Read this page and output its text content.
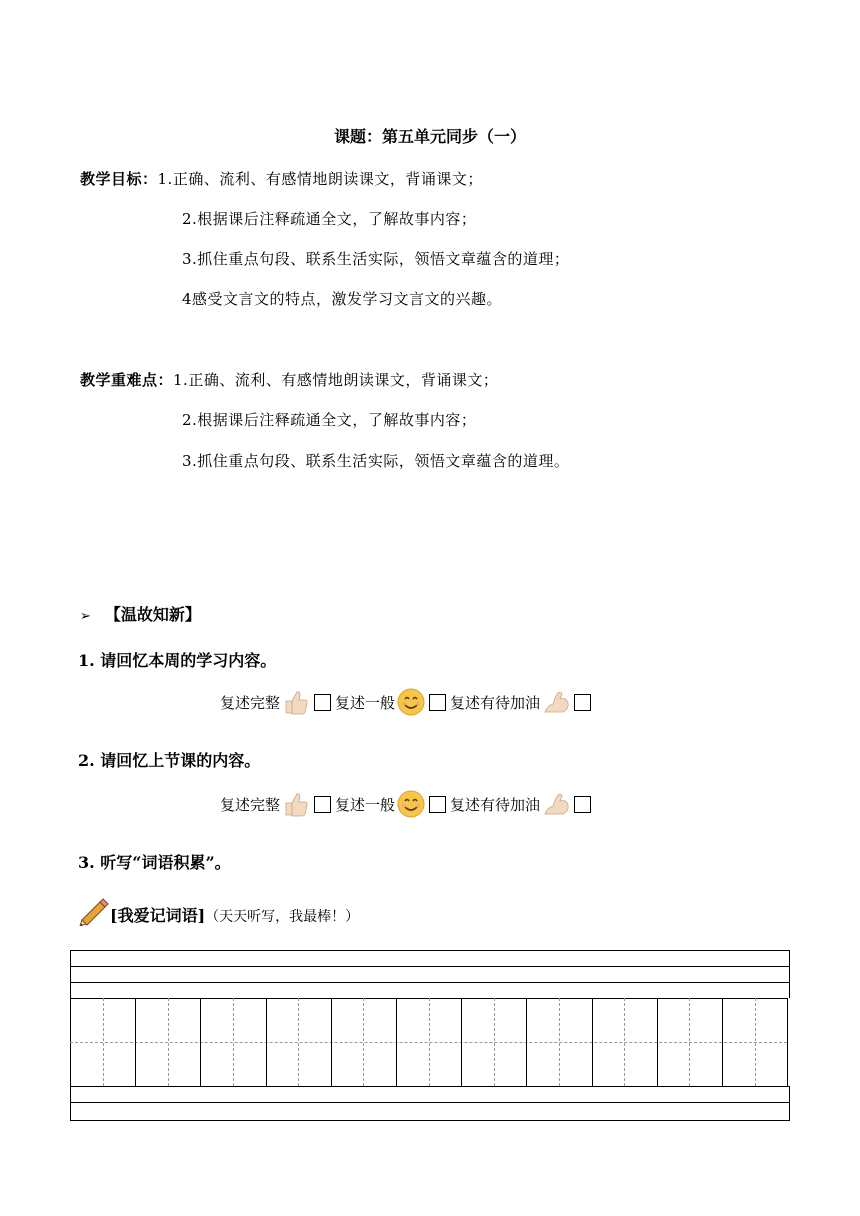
课题：第五单元同步（一）
教学目标：1.正确、流利、有感情地朗读课文，背诵课文；
2.根据课后注释疏通全文，了解故事内容；
3.抓住重点句段、联系生活实际，领悟文章蕴含的道理；
4感受文言文的特点，激发学习文言文的兴趣。
教学重难点：1.正确、流利、有感情地朗读课文，背诵课文；
2.根据课后注释疏通全文，了解故事内容；
3.抓住重点句段、联系生活实际，领悟文章蕴含的道理。
➢ 【温故知新】
1. 请回忆本周的学习内容。
复述完整	复述一般	复述有待加油
2. 请回忆上节课的内容。
复述完整	复述一般	复述有待加油
3. 听写“词语积累”。
[我爱记词语] （天天听写，我最棒！）
